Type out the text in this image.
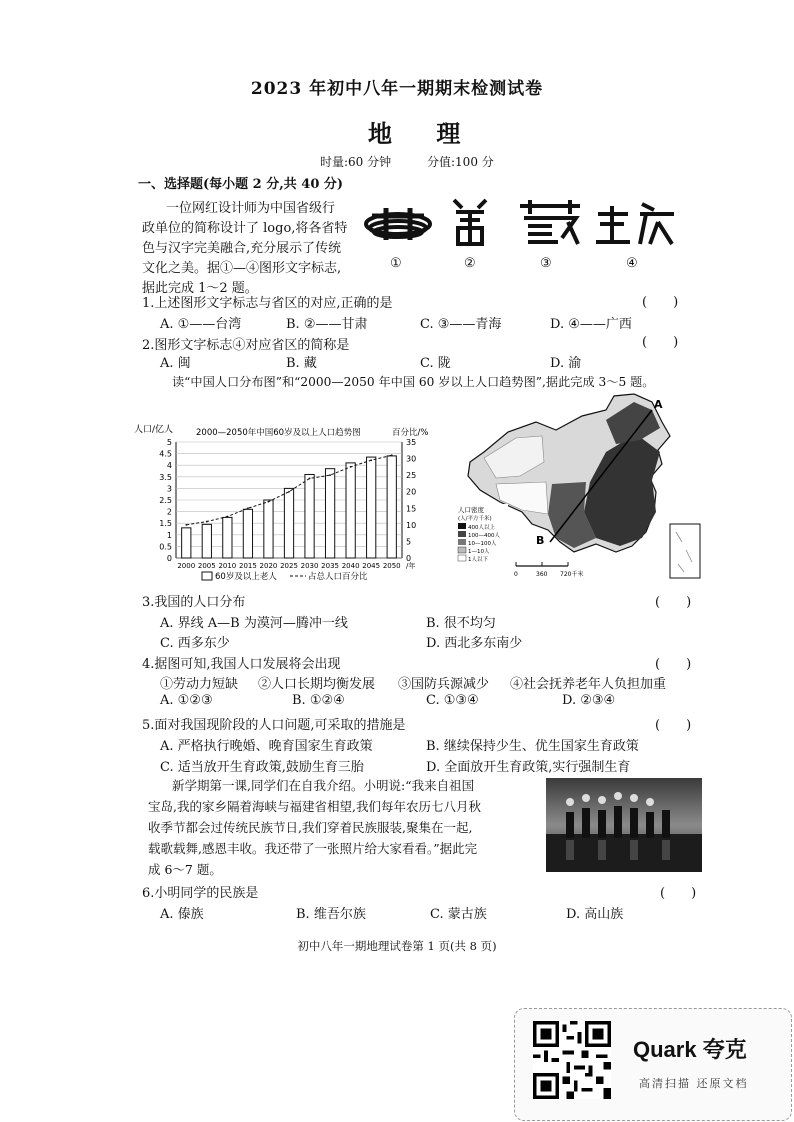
2023 年初中八年一期期末检测试卷
地 理
时量:60 分钟	分值:100 分
一、选择题(每小题 2 分,共 40 分)
一位网红设计师为中国省级行
政单位的简称设计了 logo,将各省特
色与汉字完美融合,充分展示了传统
文化之美。据①—④图形文字标志,
据此完成 1～2 题。
①	②	③	④
1.上述图形文字标志与省区的对应,正确的是	(　　)
A. ①——台湾	B. ②——甘肃	C. ③——青海	D. ④——广西
2.图形文字标志④对应省区的简称是	(　　)
A. 闽	B. 藏	C. 陇	D. 渝
读“中国人口分布图”和“2000—2050 年中国 60 岁以上人口趋势图”,据此完成 3～5 题。
人口/亿人	2000—2050年中国60岁及以上人口趋势图	百分比/%
0
0.5
1
1.5
2
2.5
3
3.5
4
4.5
5
0
5
10
15
20
25
30
35
2000 2005 2010 2015 2020 2025 2030 2035 2040 2045 2050 /年
60岁及以上老人	占总人口百分比
A
B
人口密度
(人/平方千米)
400人以上
100—400人
10—100人
1—10人
1人以下
0	360 720千米
3.我国的人口分布	(　　)
A. 界线 A—B 为漠河—腾冲一线	B. 很不均匀
C. 西多东少	D. 西北多东南少
4.据图可知,我国人口发展将会出现	(　　)
①劳动力短缺 ②人口长期均衡发展 ③国防兵源减少 ④社会抚养老年人负担加重
A. ①②③	B. ①②④	C. ①③④	D. ②③④
5.面对我国现阶段的人口问题,可采取的措施是	(　　)
A. 严格执行晚婚、晚育国家生育政策	B. 继续保持少生、优生国家生育政策
C. 适当放开生育政策,鼓励生育三胎	D. 全面放开生育政策,实行强制生育
新学期第一课,同学们在自我介绍。小明说:“我来自祖国
宝岛,我的家乡隔着海峡与福建省相望,我们每年农历七八月秋
收季节都会过传统民族节日,我们穿着民族服装,聚集在一起,
载歌载舞,感恩丰收。我还带了一张照片给大家看看。”据此完
成 6～7 题。
6.小明同学的民族是	(　　)
A. 傣族	B. 维吾尔族	C. 蒙古族	D. 高山族
初中八年一期地理试卷第 1 页(共 8 页)
Quark 夸克
高清扫描 还原文档
